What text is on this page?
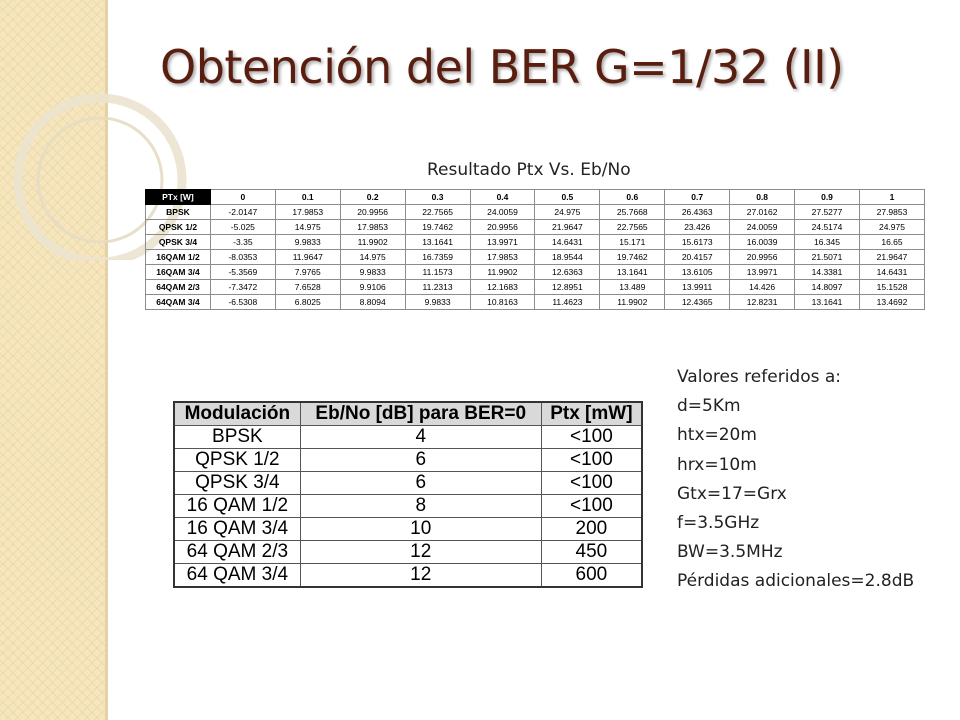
Obtención del BER G=1/32 (II)
Resultado Ptx Vs. Eb/No
PTx [W]	0	0.1	0.2	0.3	0.4	0.5	0.6	0.7	0.8	0.9	1
BPSK	-2.0147	17.9853	20.9956	22.7565	24.0059	24.975	25.7668	26.4363	27.0162	27.5277	27.9853
QPSK 1/2	-5.025	14.975	17.9853	19.7462	20.9956	21.9647	22.7565	23.426	24.0059	24.5174	24.975
QPSK 3/4	-3.35	9.9833	11.9902	13.1641	13.9971	14.6431	15.171	15.6173	16.0039	16.345	16.65
16QAM 1/2	-8.0353	11.9647	14.975	16.7359	17.9853	18.9544	19.7462	20.4157	20.9956	21.5071	21.9647
16QAM 3/4	-5.3569	7.9765	9.9833	11.1573	11.9902	12.6363	13.1641	13.6105	13.9971	14.3381	14.6431
64QAM 2/3	-7.3472	7.6528	9.9106	11.2313	12.1683	12.8951	13.489	13.9911	14.426	14.8097	15.1528
64QAM 3/4	-6.5308	6.8025	8.8094	9.9833	10.8163	11.4623	11.9902	12.4365	12.8231	13.1641	13.4692
Modulación	Eb/No [dB] para BER=0	Ptx [mW]
BPSK	4	<100
QPSK 1/2	6	<100
QPSK 3/4	6	<100
16 QAM 1/2	8	<100
16 QAM 3/4	10	200
64 QAM 2/3	12	450
64 QAM 3/4	12	600
Valores referidos a:
d=5Km
htx=20m
hrx=10m
Gtx=17=Grx
f=3.5GHz
BW=3.5MHz
Pérdidas adicionales=2.8dB
